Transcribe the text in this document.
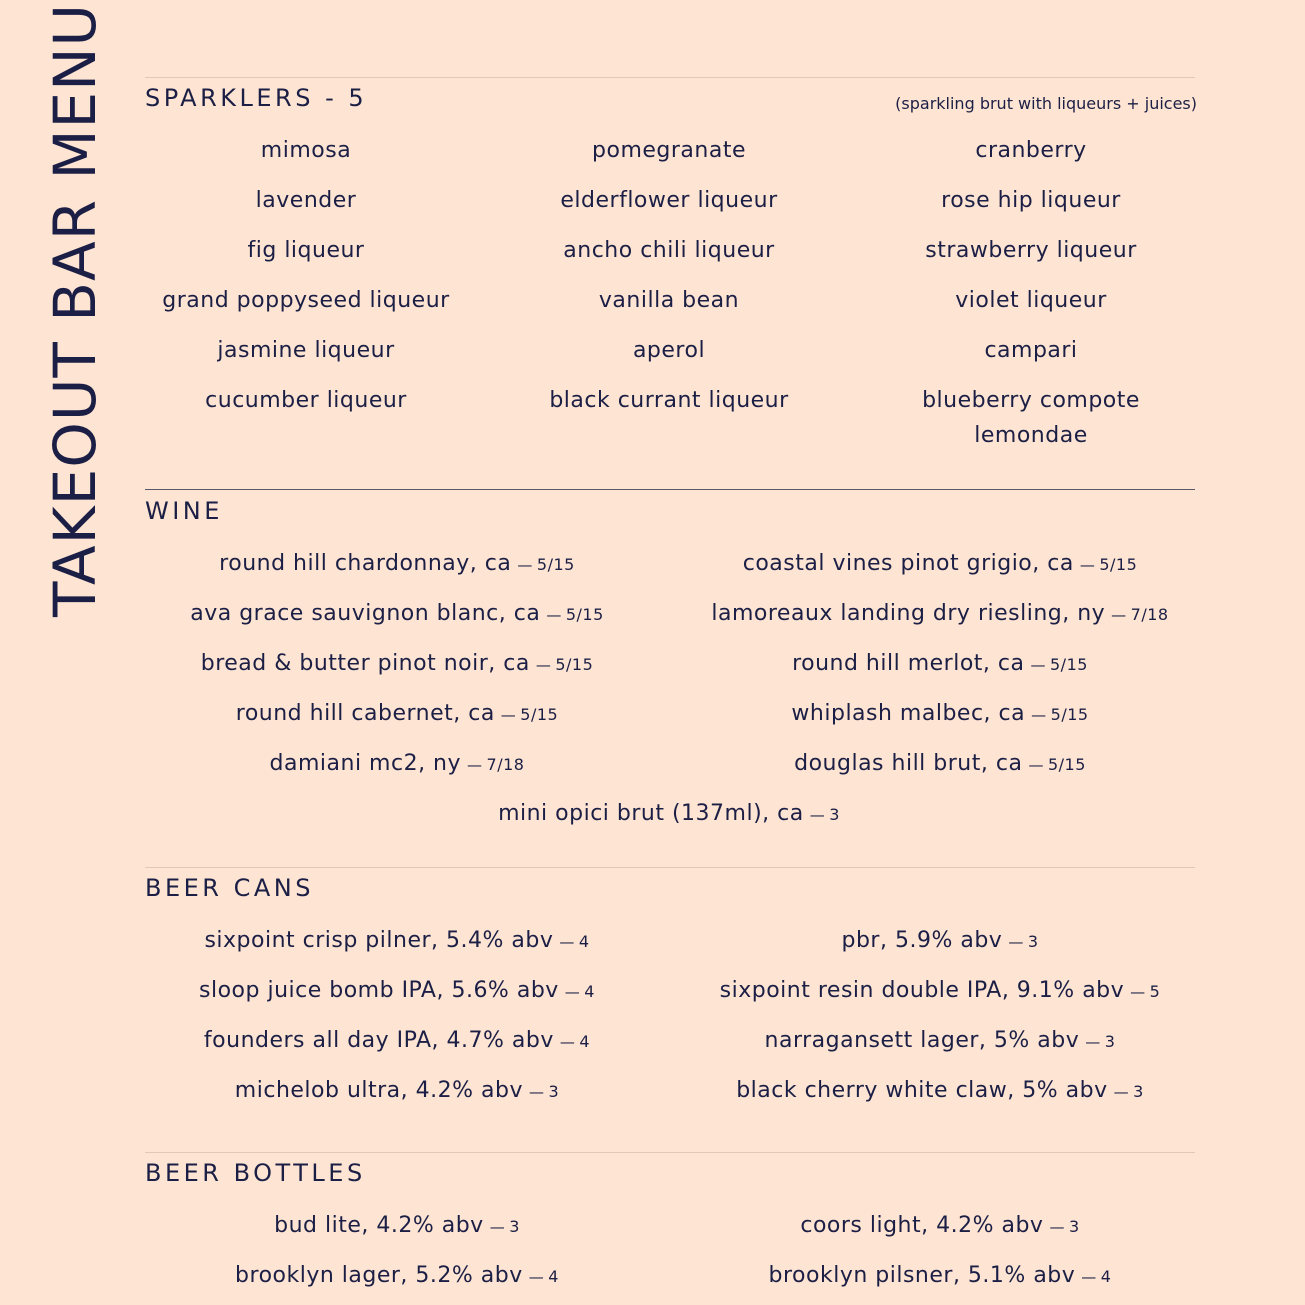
TAKEOUT BAR MENU SPARKLERS - 5	(sparkling brut with liqueurs + juices)
mimosa
lavender
fig liqueur
grand poppyseed liqueur
jasmine liqueur
cucumber liqueur
pomegranate
elderflower liqueur
ancho chili liqueur
vanilla bean
aperol
black currant liqueur
cranberry
rose hip liqueur
strawberry liqueur
violet liqueur
campari
blueberry compote
lemondae
WINE
round hill chardonnay, ca — 5/15
ava grace sauvignon blanc, ca — 5/15
bread & butter pinot noir, ca — 5/15
round hill cabernet, ca — 5/15
damiani mc2, ny — 7/18
coastal vines pinot grigio, ca — 5/15
lamoreaux landing dry riesling, ny — 7/18
round hill merlot, ca — 5/15
whiplash malbec, ca — 5/15
douglas hill brut, ca — 5/15
mini opici brut (137ml), ca — 3
BEER CANS
sixpoint crisp pilner, 5.4% abv — 4
sloop juice bomb IPA, 5.6% abv — 4
founders all day IPA, 4.7% abv — 4
michelob ultra, 4.2% abv — 3
pbr, 5.9% abv — 3
sixpoint resin double IPA, 9.1% abv — 5
narragansett lager, 5% abv — 3
black cherry white claw, 5% abv — 3
BEER BOTTLES
bud lite, 4.2% abv — 3
brooklyn lager, 5.2% abv — 4
coors light, 4.2% abv — 3
brooklyn pilsner, 5.1% abv — 4
